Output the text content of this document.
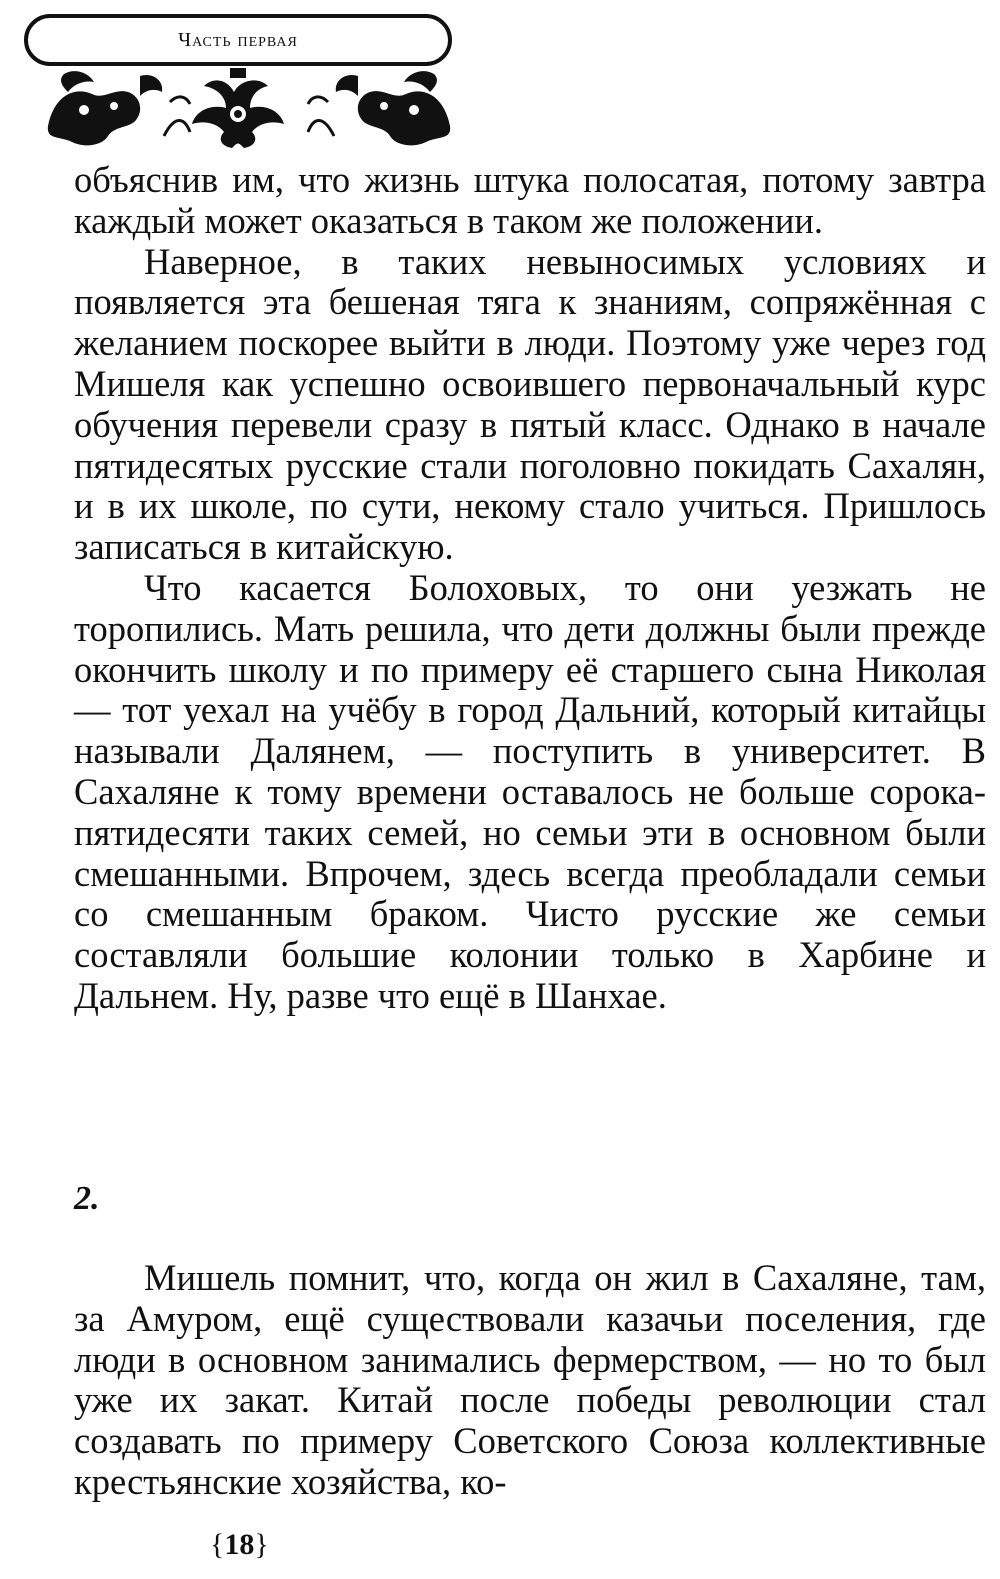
Часть первая

объяснив им, что жизнь штука полосатая, потому завтра каждый может оказаться в таком же положении.

Наверное, в таких невыносимых условиях и появляется эта бешеная тяга к знаниям, сопряжённая с желанием поскорее выйти в люди. Поэтому уже через год Мишеля как успешно освоившего первоначальный курс обучения перевели сразу в пятый класс. Однако в начале пятидесятых русские стали поголовно покидать Сахалян, и в их школе, по сути, некому стало учиться. Пришлось записаться в китайскую.

Что касается Болоховых, то они уезжать не торопились. Мать решила, что дети должны были прежде окончить школу и по примеру её старшего сына Николая — тот уехал на учёбу в город Дальний, который китайцы называли Далянем, — поступить в университет. В Сахаляне к тому времени оставалось не больше сорока-пятидесяти таких семей, но семьи эти в основном были смешанными. Впрочем, здесь всегда преобладали семьи со смешанным браком. Чисто русские же семьи составляли большие колонии только в Харбине и Дальнем. Ну, разве что ещё в Шанхае.

2.

Мишель помнит, что, когда он жил в Сахаляне, там, за Амуром, ещё существовали казачьи поселения, где люди в основном занимались фермерством, — но то был уже их закат. Китай после победы революции стал создавать по примеру Советского Союза коллективные крестьянские хозяйства, ко-

{18}
